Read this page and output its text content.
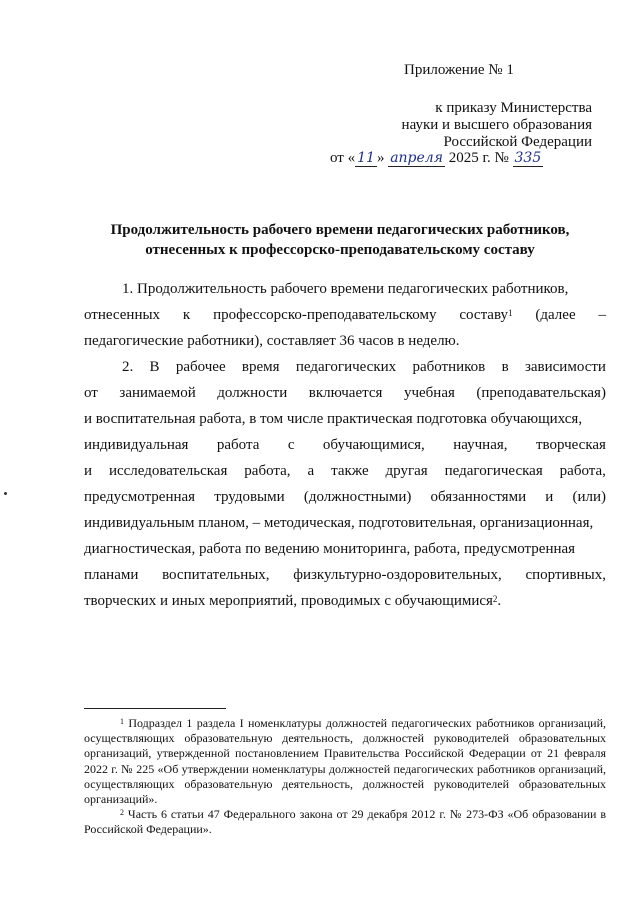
Приложение № 1
к приказу Министерства
науки и высшего образования
Российской Федерации
от « 11 » апреля 2025 г. № 335
Продолжительность рабочего времени педагогических работников,
отнесенных к профессорско-преподавательскому составу
1. Продолжительность рабочего времени педагогических работников,
отнесенных к профессорско-преподавательскому составу$^1$ (далее –
педагогические работники), составляет 36 часов в неделю.
2. В рабочее время педагогических работников в зависимости
от занимаемой должности включается учебная (преподавательская)
и воспитательная работа, в том числе практическая подготовка обучающихся,
индивидуальная работа с обучающимися, научная, творческая
и исследовательская работа, а также другая педагогическая работа,
предусмотренная трудовыми (должностными) обязанностями и (или)
индивидуальным планом, – методическая, подготовительная, организационная,
диагностическая, работа по ведению мониторинга, работа, предусмотренная
планами воспитательных, физкультурно-оздоровительных, спортивных,
творческих и иных мероприятий, проводимых с обучающимися$^2$ .

$^1$ Подраздел 1 раздела I номенклатуры должностей педагогических работников организаций, осуществляющих образовательную деятельность, должностей руководителей образовательных организаций, утвержденной постановлением Правительства Российской Федерации от 21 февраля 2022 г. № 225 «Об утверждении номенклатуры должностей педагогических работников организаций, осуществляющих образовательную деятельность, должностей руководителей образовательных организаций».

$^2$ Часть 6 статьи 47 Федерального закона от 29 декабря 2012 г. № 273-ФЗ «Об образовании в Российской Федерации».
